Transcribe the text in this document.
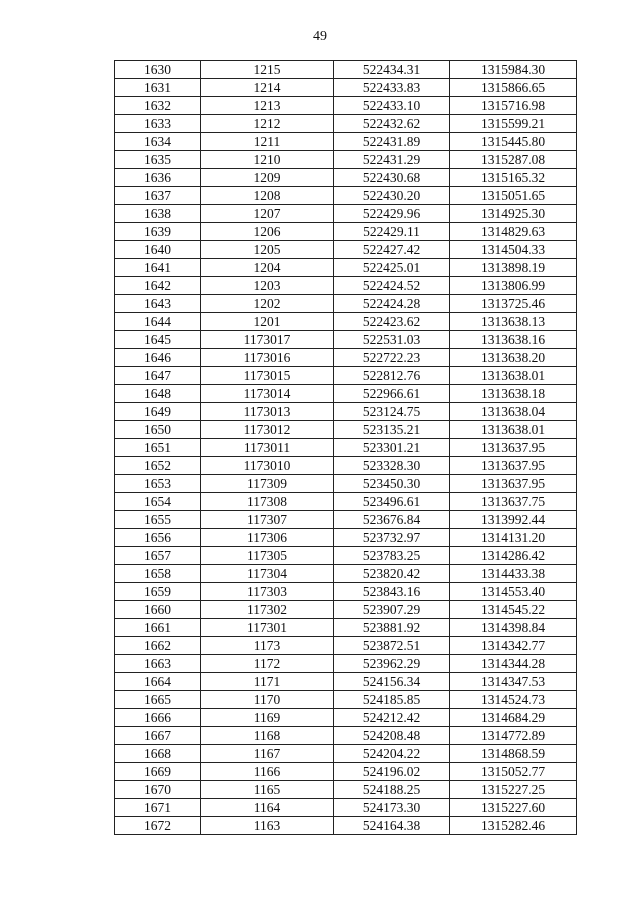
49
1630	1215	522434.31	1315984.30
1631	1214	522433.83	1315866.65
1632	1213	522433.10	1315716.98
1633	1212	522432.62	1315599.21
1634	1211	522431.89	1315445.80
1635	1210	522431.29	1315287.08
1636	1209	522430.68	1315165.32
1637	1208	522430.20	1315051.65
1638	1207	522429.96	1314925.30
1639	1206	522429.11	1314829.63
1640	1205	522427.42	1314504.33
1641	1204	522425.01	1313898.19
1642	1203	522424.52	1313806.99
1643	1202	522424.28	1313725.46
1644	1201	522423.62	1313638.13
1645	1173017	522531.03	1313638.16
1646	1173016	522722.23	1313638.20
1647	1173015	522812.76	1313638.01
1648	1173014	522966.61	1313638.18
1649	1173013	523124.75	1313638.04
1650	1173012	523135.21	1313638.01
1651	1173011	523301.21	1313637.95
1652	1173010	523328.30	1313637.95
1653	117309	523450.30	1313637.95
1654	117308	523496.61	1313637.75
1655	117307	523676.84	1313992.44
1656	117306	523732.97	1314131.20
1657	117305	523783.25	1314286.42
1658	117304	523820.42	1314433.38
1659	117303	523843.16	1314553.40
1660	117302	523907.29	1314545.22
1661	117301	523881.92	1314398.84
1662	1173	523872.51	1314342.77
1663	1172	523962.29	1314344.28
1664	1171	524156.34	1314347.53
1665	1170	524185.85	1314524.73
1666	1169	524212.42	1314684.29
1667	1168	524208.48	1314772.89
1668	1167	524204.22	1314868.59
1669	1166	524196.02	1315052.77
1670	1165	524188.25	1315227.25
1671	1164	524173.30	1315227.60
1672	1163	524164.38	1315282.46
